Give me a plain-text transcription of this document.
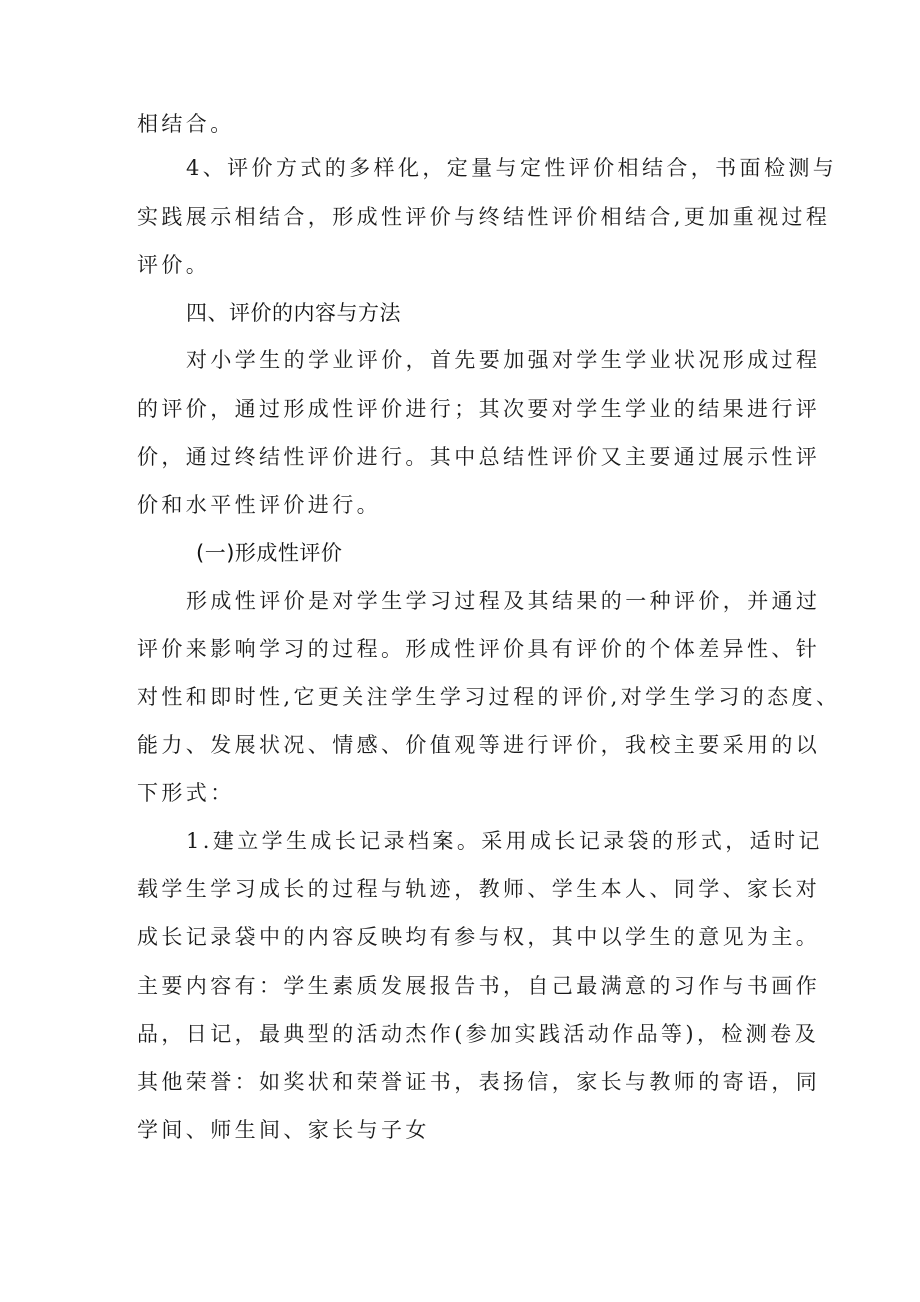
相结合。
4、评价方式的多样化，定量与定性评价相结合，书面检测与
实践展示相结合，形成性评价与终结性评价相结合,更加重视过程
评价。
四、评价的内容与方法
对小学生的学业评价，首先要加强对学生学业状况形成过程
的评价，通过形成性评价进行；其次要对学生学业的结果进行评
价，通过终结性评价进行。其中总结性评价又主要通过展示性评
价和水平性评价进行。
(一)形成性评价
形成性评价是对学生学习过程及其结果的一种评价，并通过
评价来影响学习的过程。形成性评价具有评价的个体差异性、针
对性和即时性,它更关注学生学习过程的评价,对学生学习的态度、
能力、发展状况、情感、价值观等进行评价，我校主要采用的以
下形式：
1.建立学生成长记录档案。采用成长记录袋的形式，适时记
载学生学习成长的过程与轨迹，教师、学生本人、同学、家长对
成长记录袋中的内容反映均有参与权，其中以学生的意见为主。
主要内容有：学生素质发展报告书，自己最满意的习作与书画作
品，日记，最典型的活动杰作(参加实践活动作品等)，检测卷及
其他荣誉：如奖状和荣誉证书，表扬信，家长与教师的寄语，同
学间、师生间、家长与子女
